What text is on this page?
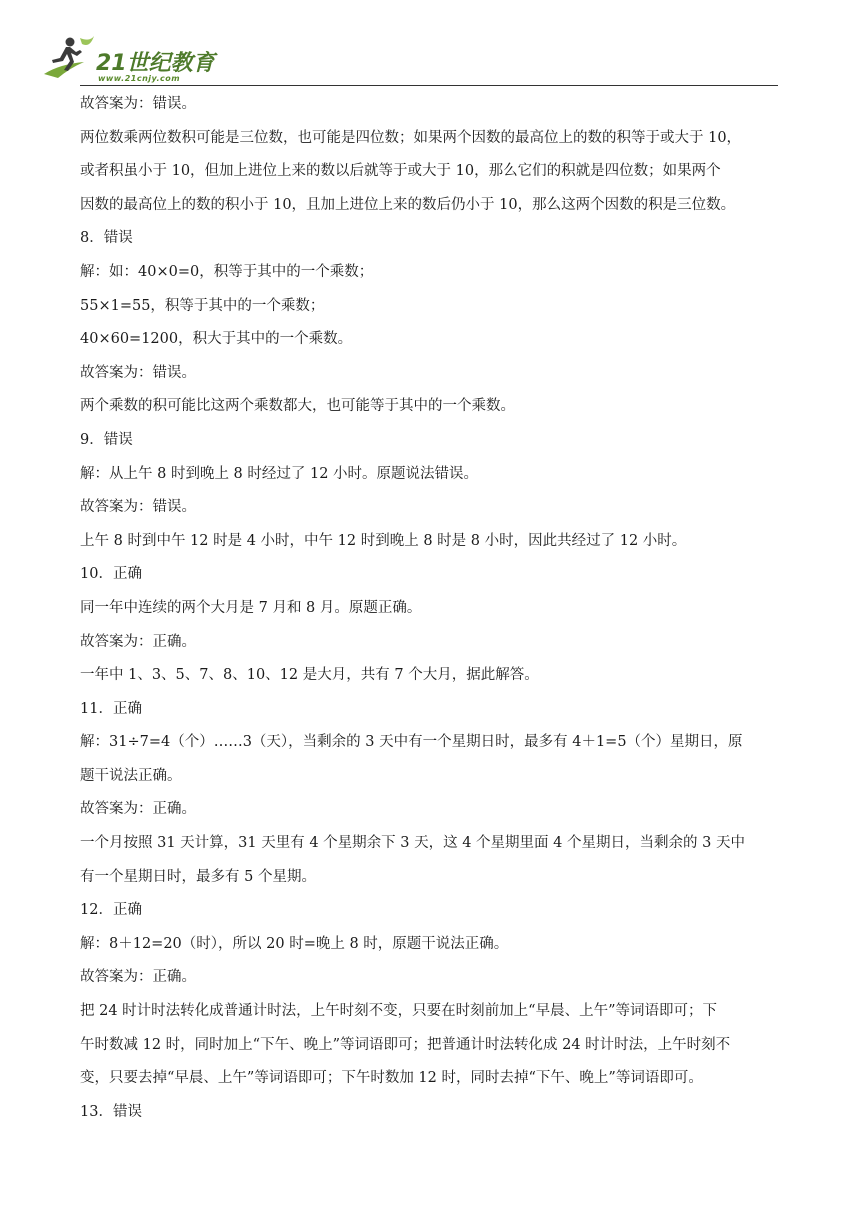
21世纪教育
www.21cnjy.com
故答案为：错误。
两位数乘两位数积可能是三位数，也可能是四位数；如果两个因数的最高位上的数的积等于或大于 10，
或者积虽小于 10，但加上进位上来的数以后就等于或大于 10，那么它们的积就是四位数；如果两个
因数的最高位上的数的积小于 10，且加上进位上来的数后仍小于 10，那么这两个因数的积是三位数。
8．错误
解：如：40×0=0，积等于其中的一个乘数；
55×1=55，积等于其中的一个乘数；
40×60=1200，积大于其中的一个乘数。
故答案为：错误。
两个乘数的积可能比这两个乘数都大，也可能等于其中的一个乘数。
9．错误
解：从上午 8 时到晚上 8 时经过了 12 小时。原题说法错误。
故答案为：错误。
上午 8 时到中午 12 时是 4 小时，中午 12 时到晚上 8 时是 8 小时，因此共经过了 12 小时。
10．正确
同一年中连续的两个大月是 7 月和 8 月。原题正确。
故答案为：正确。
一年中 1、3、5、7、8、10、12 是大月，共有 7 个大月，据此解答。
11．正确
解：31÷7=4（个）……3（天），当剩余的 3 天中有一个星期日时，最多有 4＋1=5（个）星期日，原
题干说法正确。
故答案为：正确。
一个月按照 31 天计算，31 天里有 4 个星期余下 3 天，这 4 个星期里面 4 个星期日，当剩余的 3 天中
有一个星期日时，最多有 5 个星期。
12．正确
解：8＋12=20（时），所以 20 时=晚上 8 时，原题干说法正确。
故答案为：正确。
把 24 时计时法转化成普通计时法，上午时刻不变，只要在时刻前加上“早晨、上午”等词语即可；下
午时数减 12 时，同时加上“下午、晚上”等词语即可；把普通计时法转化成 24 时计时法，上午时刻不
变，只要去掉“早晨、上午”等词语即可；下午时数加 12 时，同时去掉“下午、晚上”等词语即可。
13．错误
